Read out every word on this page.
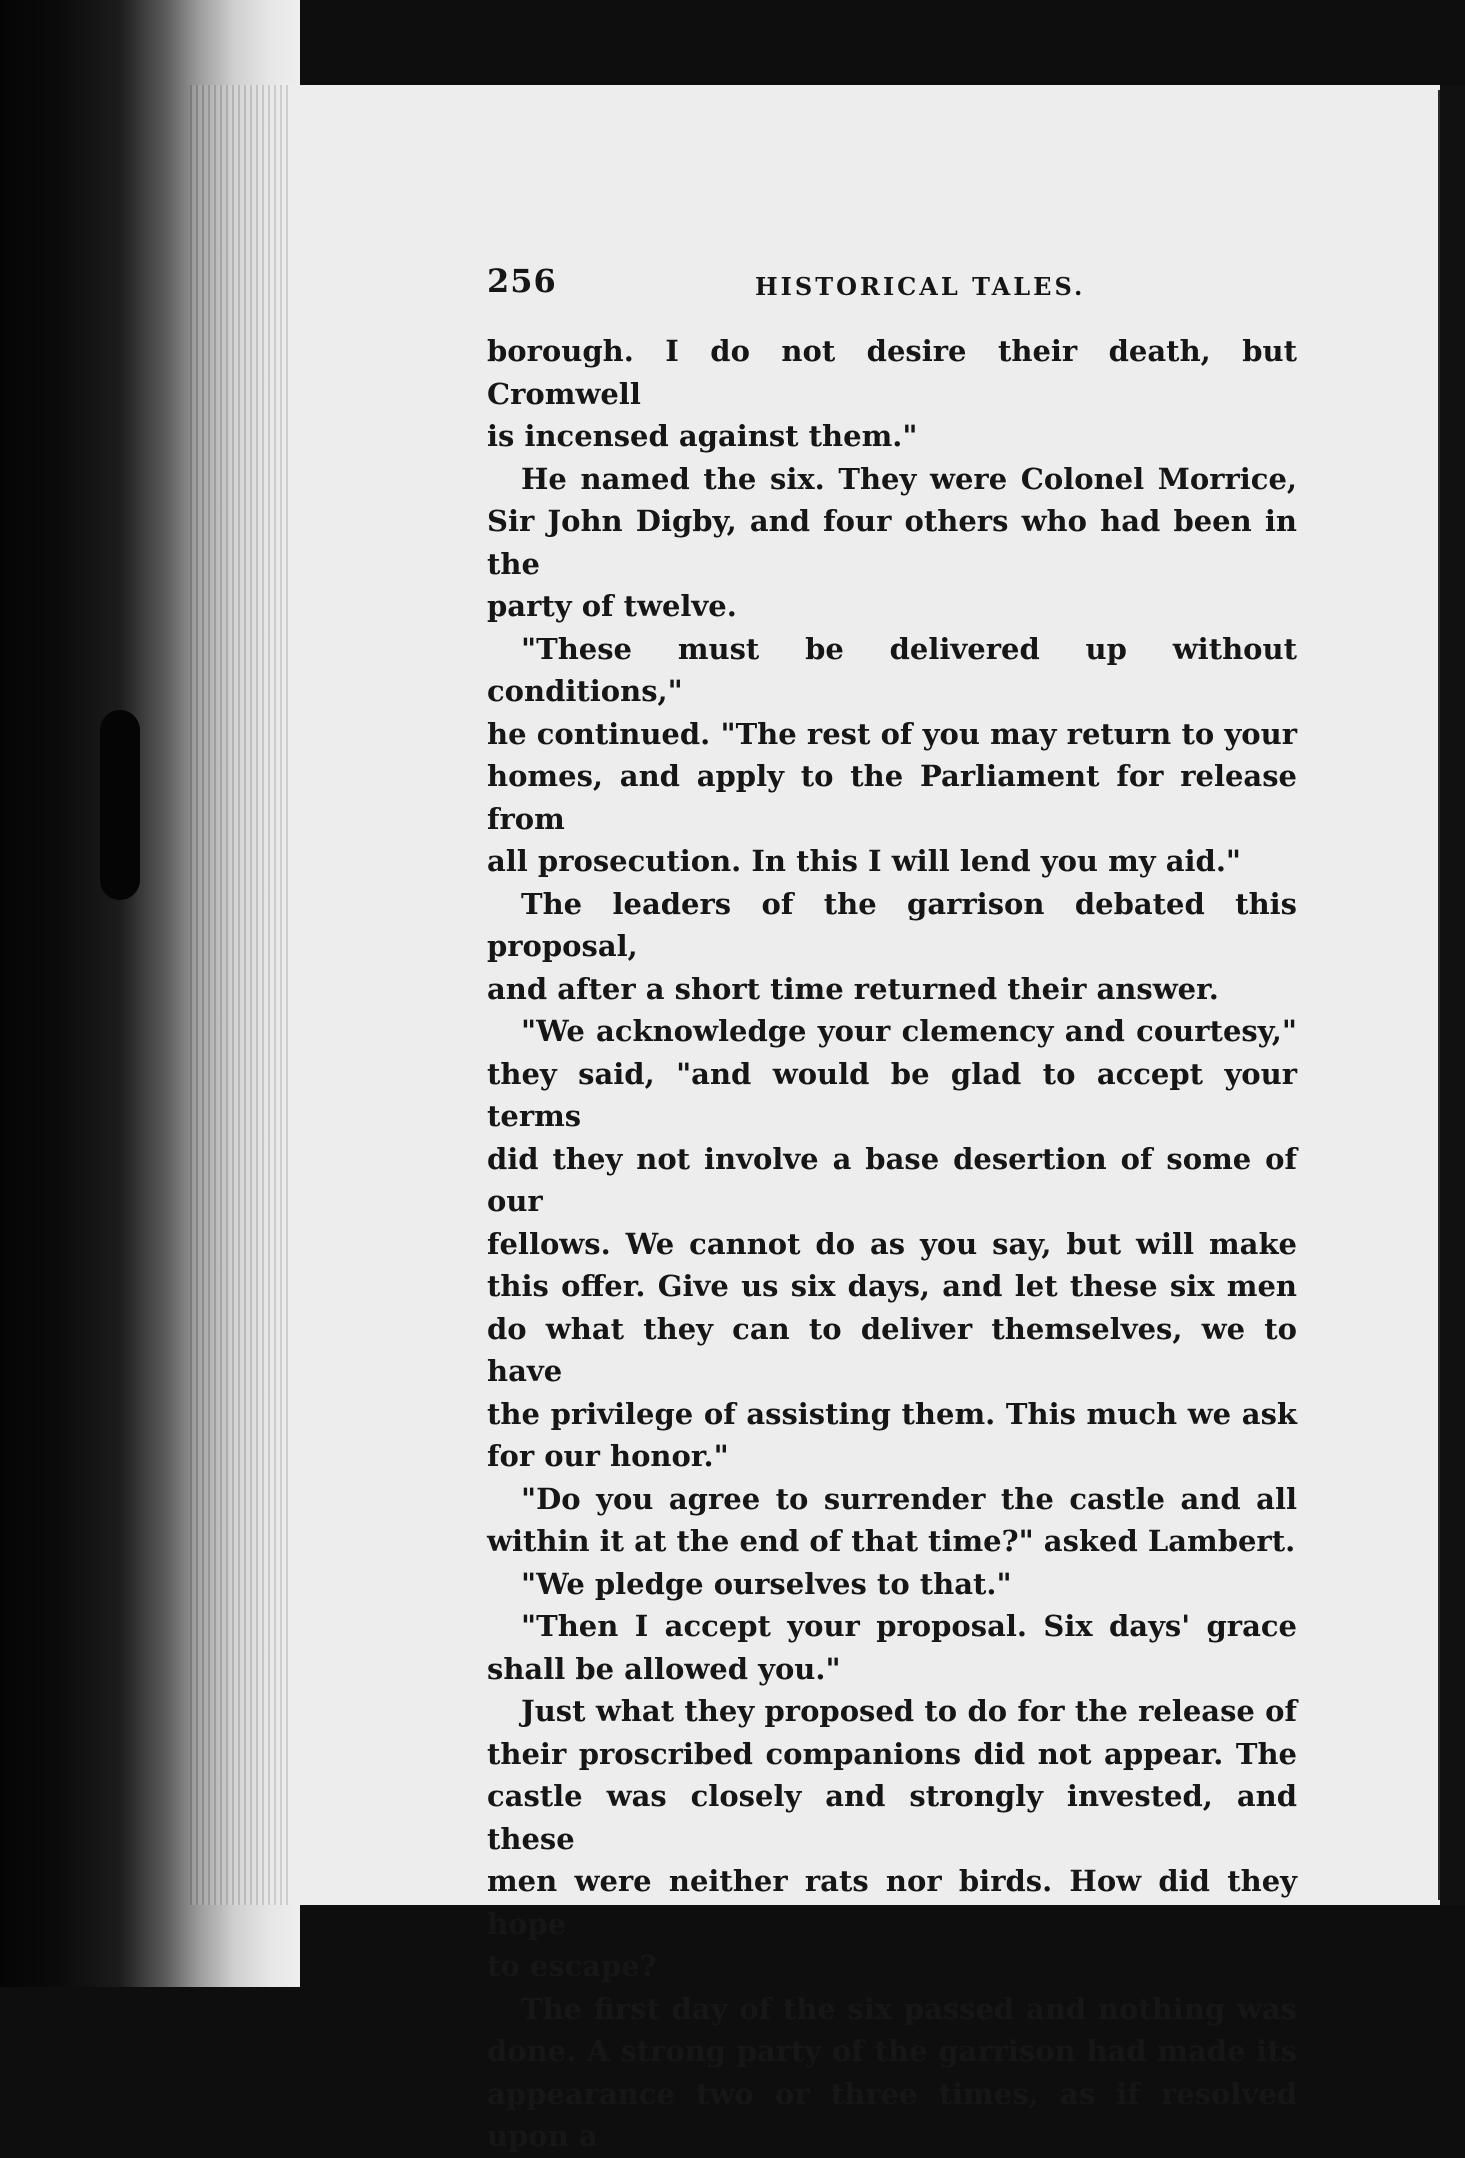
256	HISTORICAL TALES.

borough. I do not desire their death, but Cromwell
is incensed against them."

He named the six. They were Colonel Morrice,
Sir John Digby, and four others who had been in the
party of twelve.

"These must be delivered up without conditions,"
he continued. "The rest of you may return to your
homes, and apply to the Parliament for release from
all prosecution. In this I will lend you my aid."

The leaders of the garrison debated this proposal,
and after a short time returned their answer.

"We acknowledge your clemency and courtesy,"
they said, "and would be glad to accept your terms
did they not involve a base desertion of some of our
fellows. We cannot do as you say, but will make
this offer. Give us six days, and let these six men
do what they can to deliver themselves, we to have
the privilege of assisting them. This much we ask
for our honor."

"Do you agree to surrender the castle and all
within it at the end of that time?" asked Lambert.

"We pledge ourselves to that."

"Then I accept your proposal. Six days' grace
shall be allowed you."

Just what they proposed to do for the release of
their proscribed companions did not appear. The
castle was closely and strongly invested, and these
men were neither rats nor birds. How did they hope
to escape?

The first day of the six passed and nothing was
done. A strong party of the garrison had made its
appearance two or three times, as if resolved upon a
